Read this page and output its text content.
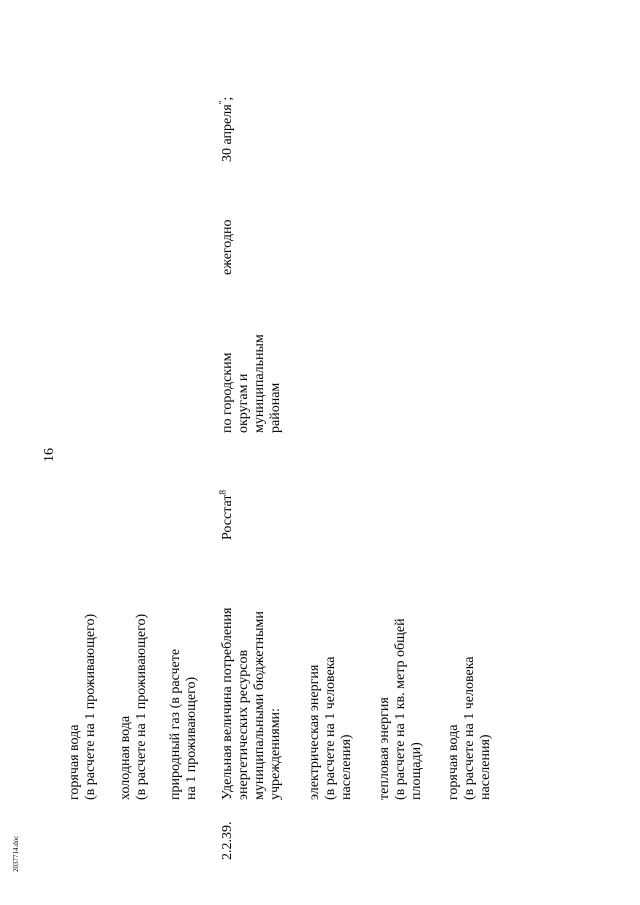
16
горячая вода (в расчете на 1 проживающего) холодная вода (в расчете на 1 проживающего) природный газ (в расчете на 1 проживающего)
2.2.39.
Удельная величина потребления энергетических ресурсов муниципальными бюджетными учреждениями: электрическая энергия (в расчете на 1 человека населения) тепловая энергия (в расчете на 1 кв. метр общей площади) горячая вода (в расчете на 1 человека населения)
Росстат$^8$
по городским округам и муниципальным районам
ежегодно
30 апреля";
2037714.doc
